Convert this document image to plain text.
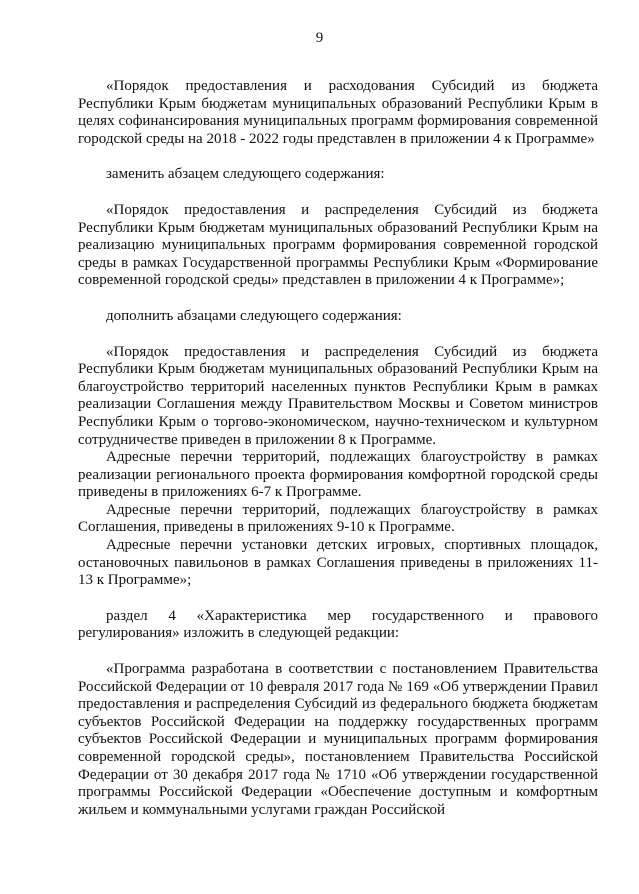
9

«Порядок предоставления и расходования Субсидий из бюджета Республики Крым бюджетам муниципальных образований Республики Крым в целях софинансирования муниципальных программ формирования современной городской среды на 2018 - 2022 годы представлен в приложении 4 к Программе»

заменить абзацем следующего содержания:

«Порядок предоставления и распределения Субсидий из бюджета Республики Крым бюджетам муниципальных образований Республики Крым на реализацию муниципальных программ формирования современной городской среды в рамках Государственной программы Республики Крым «Формирование современной городской среды» представлен в приложении 4 к Программе»;

дополнить абзацами следующего содержания:

«Порядок предоставления и распределения Субсидий из бюджета Республики Крым бюджетам муниципальных образований Республики Крым на благоустройство территорий населенных пунктов Республики Крым в рамках реализации Соглашения между Правительством Москвы и Советом министров Республики Крым о торгово-экономическом, научно-техническом и культурном сотрудничестве приведен в приложении 8 к Программе.

Адресные перечни территорий, подлежащих благоустройству в рамках реализации регионального проекта формирования комфортной городской среды приведены в приложениях 6-7 к Программе.

Адресные перечни территорий, подлежащих благоустройству в рамках Соглашения, приведены в приложениях 9-10 к Программе.

Адресные перечни установки детских игровых, спортивных площадок, остановочных павильонов в рамках Соглашения приведены в приложениях 11-13 к Программе»;

раздел 4 «Характеристика мер государственного и правового регулирования» изложить в следующей редакции:

«Программа разработана в соответствии с постановлением Правительства Российской Федерации от 10 февраля 2017 года № 169 «Об утверждении Правил предоставления и распределения Субсидий из федерального бюджета бюджетам субъектов Российской Федерации на поддержку государственных программ субъектов Российской Федерации и муниципальных программ формирования современной городской среды», постановлением Правительства Российской Федерации от 30 декабря 2017 года № 1710 «Об утверждении государственной программы Российской Федерации «Обеспечение доступным и комфортным жильем и коммунальными услугами граждан Российской
